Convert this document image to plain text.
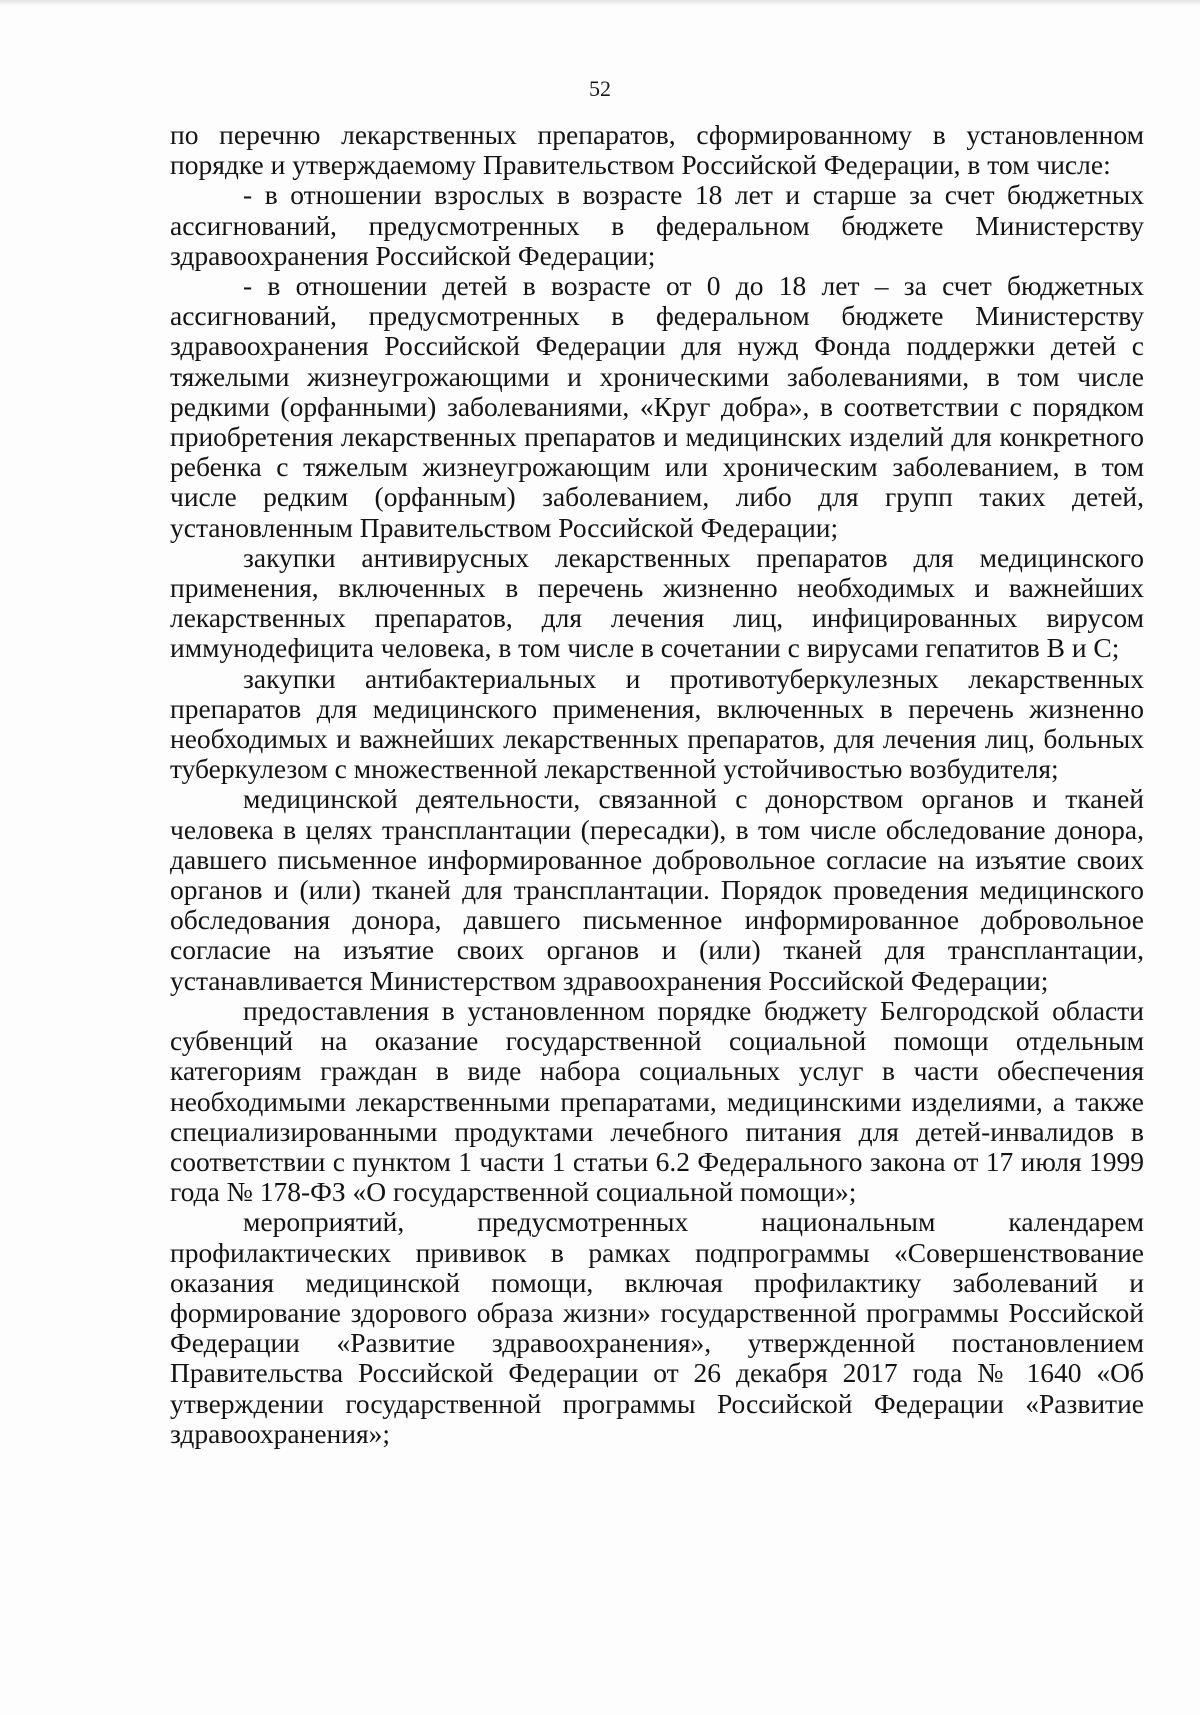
52

по перечню лекарственных препаратов, сформированному в установленном порядке и утверждаемому Правительством Российской Федерации, в том числе:

- в отношении взрослых в возрасте 18 лет и старше за счет бюджетных ассигнований, предусмотренных в федеральном бюджете Министерству здравоохранения Российской Федерации;

- в отношении детей в возрасте от 0 до 18 лет – за счет бюджетных ассигнований, предусмотренных в федеральном бюджете Министерству здравоохранения Российской Федерации для нужд Фонда поддержки детей с тяжелыми жизнеугрожающими и хроническими заболеваниями, в том числе редкими (орфанными) заболеваниями, «Круг добра», в соответствии с порядком приобретения лекарственных препаратов и медицинских изделий для конкретного ребенка с тяжелым жизнеугрожающим или хроническим заболеванием, в том числе редким (орфанным) заболеванием, либо для групп таких детей, установленным Правительством Российской Федерации;

закупки антивирусных лекарственных препаратов для медицинского применения, включенных в перечень жизненно необходимых и важнейших лекарственных препаратов, для лечения лиц, инфицированных вирусом иммунодефицита человека, в том числе в сочетании с вирусами гепатитов В и С;

закупки антибактериальных и противотуберкулезных лекарственных препаратов для медицинского применения, включенных в перечень жизненно необходимых и важнейших лекарственных препаратов, для лечения лиц, больных туберкулезом с множественной лекарственной устойчивостью возбудителя;

медицинской деятельности, связанной с донорством органов и тканей человека в целях трансплантации (пересадки), в том числе обследование донора, давшего письменное информированное добровольное согласие на изъятие своих органов и (или) тканей для трансплантации. Порядок проведения медицинского обследования донора, давшего письменное информированное добровольное согласие на изъятие своих органов и (или) тканей для трансплантации, устанавливается Министерством здравоохранения Российской Федерации;

предоставления в установленном порядке бюджету Белгородской области субвенций на оказание государственной социальной помощи отдельным категориям граждан в виде набора социальных услуг в части обеспечения необходимыми лекарственными препаратами, медицинскими изделиями, а также специализированными продуктами лечебного питания для детей-инвалидов в соответствии с пунктом 1 части 1 статьи 6.2 Федерального закона от 17 июля 1999 года № 178-ФЗ «О государственной социальной помощи»;

мероприятий, предусмотренных национальным календарем профилактических прививок в рамках подпрограммы «Совершенствование оказания медицинской помощи, включая профилактику заболеваний и формирование здорового образа жизни» государственной программы Российской Федерации «Развитие здравоохранения», утвержденной постановлением Правительства Российской Федерации от 26 декабря 2017 года № 1640 «Об утверждении государственной программы Российской Федерации «Развитие здравоохранения»;
